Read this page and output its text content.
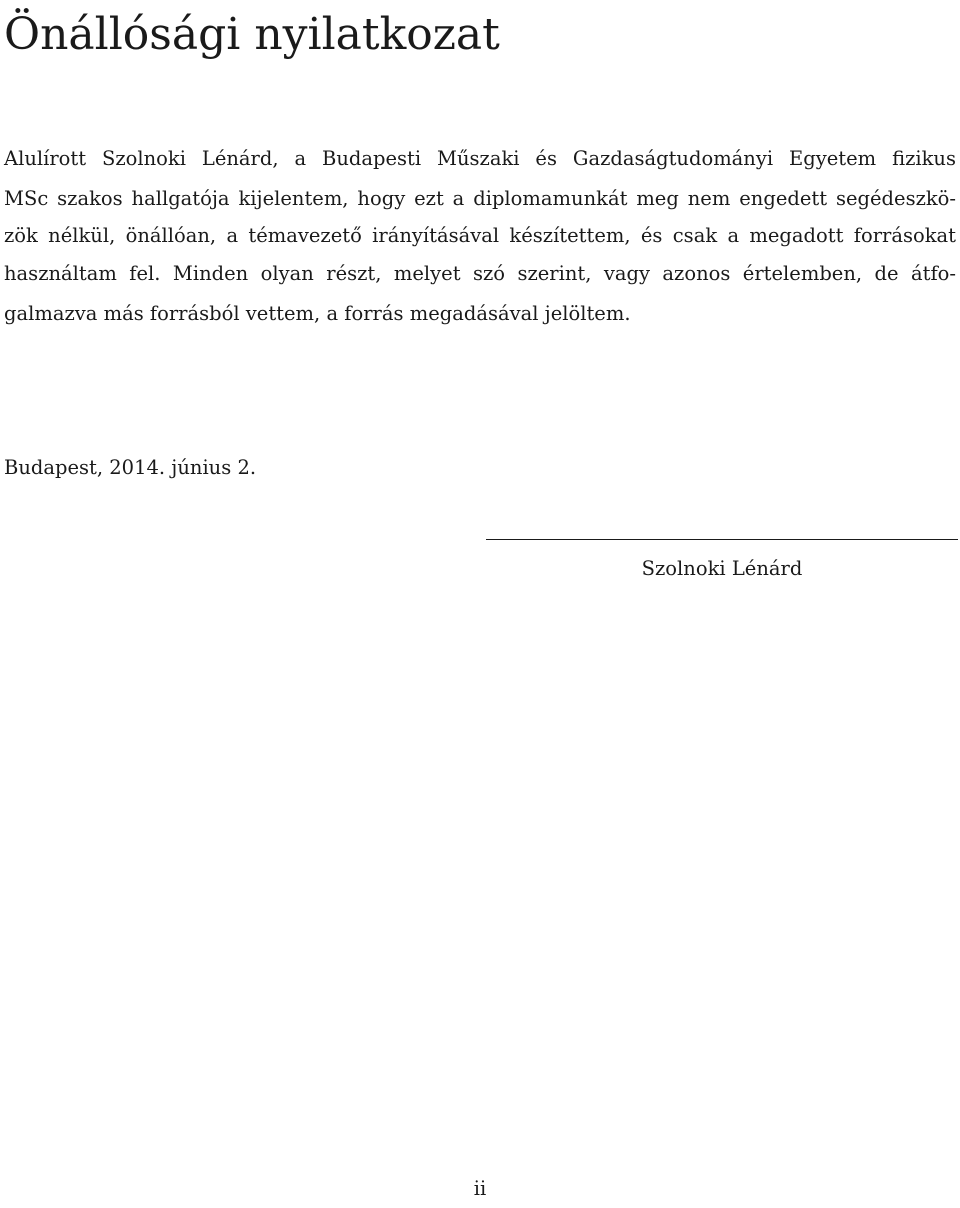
Önállósági nyilatkozat
Alulírott Szolnoki Lénárd, a Budapesti Műszaki és Gazdaságtudományi Egyetem fizikus
MSc szakos hallgatója kijelentem, hogy ezt a diplomamunkát meg nem engedett segédeszkö-
zök nélkül, önállóan, a témavezető irányításával készítettem, és csak a megadott forrásokat
használtam fel. Minden olyan részt, melyet szó szerint, vagy azonos értelemben, de átfo-
galmazva más forrásból vettem, a forrás megadásával jelöltem.
Budapest, 2014. június 2.
Szolnoki Lénárd
ii
